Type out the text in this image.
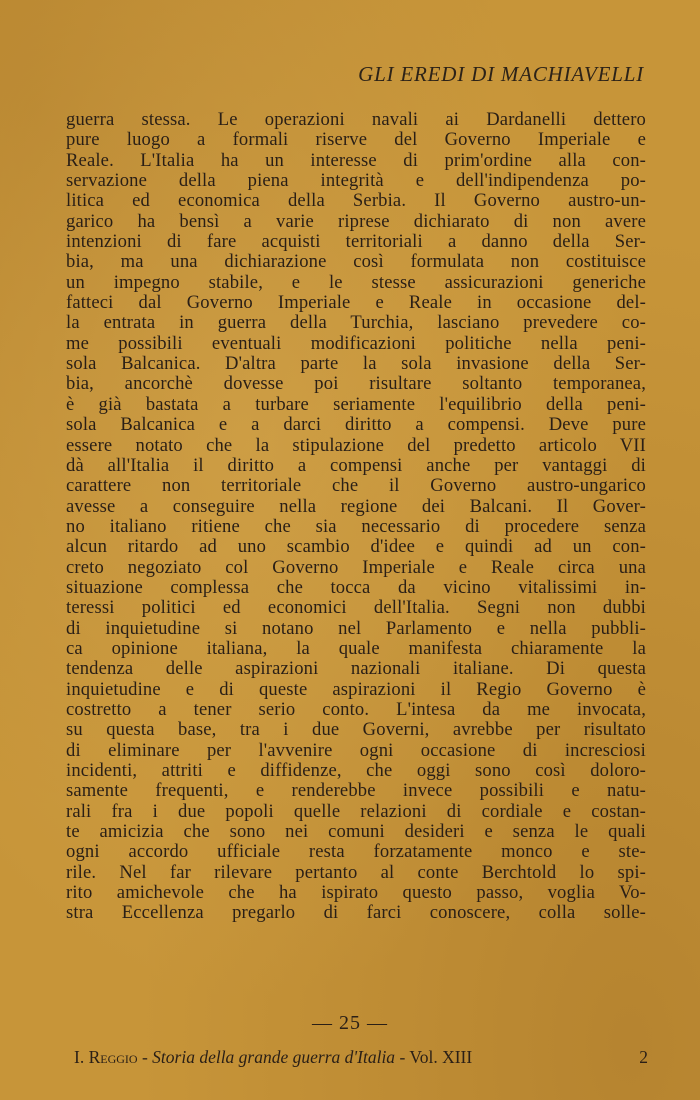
GLI EREDI DI MACHIAVELLI
guerra stessa. Le operazioni navali ai Dardanelli dettero
pure luogo a formali riserve del Governo Imperiale e
Reale. L'Italia ha un interesse di prim'ordine alla con-
servazione della piena integrità e dell'indipendenza po-
litica ed economica della Serbia. Il Governo austro-un-
garico ha bensì a varie riprese dichiarato di non avere
intenzioni di fare acquisti territoriali a danno della Ser-
bia, ma una dichiarazione così formulata non costituisce
un impegno stabile, e le stesse assicurazioni generiche
fatteci dal Governo Imperiale e Reale in occasione del-
la entrata in guerra della Turchia, lasciano prevedere co-
me possibili eventuali modificazioni politiche nella peni-
sola Balcanica. D'altra parte la sola invasione della Ser-
bia, ancorchè dovesse poi risultare soltanto temporanea,
è già bastata a turbare seriamente l'equilibrio della peni-
sola Balcanica e a darci diritto a compensi. Deve pure
essere notato che la stipulazione del predetto articolo VII
dà all'Italia il diritto a compensi anche per vantaggi di
carattere non territoriale che il Governo austro-ungarico
avesse a conseguire nella regione dei Balcani. Il Gover-
no italiano ritiene che sia necessario di procedere senza
alcun ritardo ad uno scambio d'idee e quindi ad un con-
creto negoziato col Governo Imperiale e Reale circa una
situazione complessa che tocca da vicino vitalissimi in-
teressi politici ed economici dell'Italia. Segni non dubbi
di inquietudine si notano nel Parlamento e nella pubbli-
ca opinione italiana, la quale manifesta chiaramente la
tendenza delle aspirazioni nazionali italiane. Di questa
inquietudine e di queste aspirazioni il Regio Governo è
costretto a tener serio conto. L'intesa da me invocata,
su questa base, tra i due Governi, avrebbe per risultato
di eliminare per l'avvenire ogni occasione di incresciosi
incidenti, attriti e diffidenze, che oggi sono così doloro-
samente frequenti, e renderebbe invece possibili e natu-
rali fra i due popoli quelle relazioni di cordiale e costan-
te amicizia che sono nei comuni desideri e senza le quali
ogni accordo ufficiale resta forzatamente monco e ste-
rile. Nel far rilevare pertanto al conte Berchtold lo spi-
rito amichevole che ha ispirato questo passo, voglia Vo-
stra Eccellenza pregarlo di farci conoscere, colla solle-
— 25 —
I. Reggio - Storia della grande guerra d'Italia - Vol. XIII	2
